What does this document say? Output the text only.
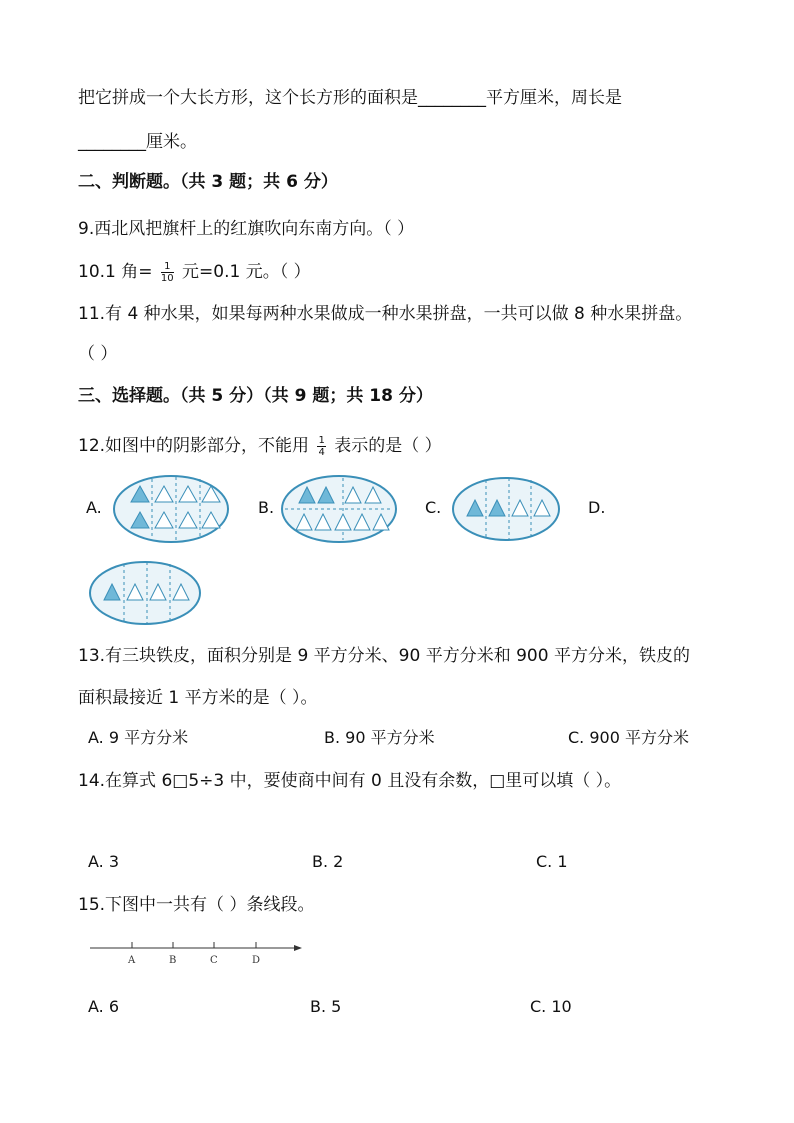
把它拼成一个大长方形，这个长方形的面积是________平方厘米，周长是
________厘米。
二、判断题。（共 3 题；共 6 分）
9.西北风把旗杆上的红旗吹向东南方向。（ ）
10.1 角= $\frac{1}{10}$ 元=0.1 元。（ ）
11.有 4 种水果，如果每两种水果做成一种水果拼盘，一共可以做 8 种水果拼盘。
（ ）
三、选择题。（共 5 分）（共 9 题；共 18 分）
12.如图中的阴影部分，不能用 $\frac{1}{4}$ 表示的是（ ）
A.	B.	C.	D.
13.有三块铁皮，面积分别是 9 平方分米、90 平方分米和 900 平方分米，铁皮的
面积最接近 1 平方米的是（ ）。
A. 9 平方分米	B. 90 平方分米	C. 900 平方分米
14.在算式 6□5÷3 中，要使商中间有 0 且没有余数，□里可以填（ ）。
A. 3	B. 2	C. 1
15.下图中一共有（ ）条线段。
A	B	C	D
A. 6	B. 5	C. 10
